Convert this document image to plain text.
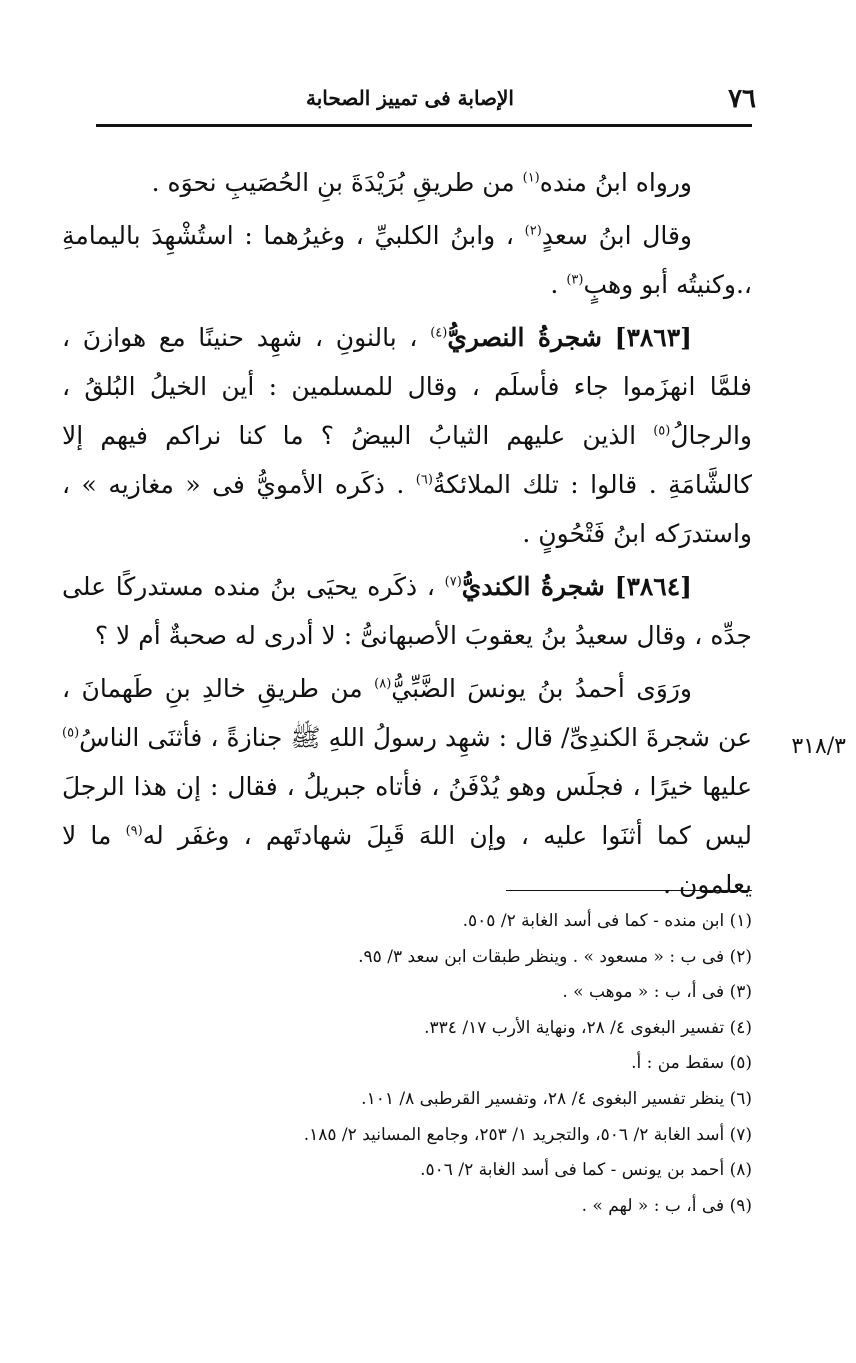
٧٦
الإصابة فى تمييز الصحابة

ورواه ابنُ منده$^{(١)}$ من طريقِ بُرَيْدَةَ بنِ الحُصَيبِ نحوَه .

وقال ابنُ سعدٍ$^{(٢)}$ ، وابنُ الكلبيِّ ، وغيرُهما : استُشْهِدَ باليمامةِ ،.وكنيتُه أبو وهبٍ$^{(٣)}$ .

[٣٨٦٣] شجرةُ النصريُّ$^{(٤)}$ ، بالنونِ ، شهِد حنينًا مع هوازنَ ، فلمَّا انهزَموا جاء فأسلَم ، وقال للمسلمين : أين الخيلُ البُلقُ ، والرجالُ$^{(٥)}$ الذين عليهم الثيابُ البيضُ ؟ ما كنا نراكم فيهم إلا كالشَّامَةِ . قالوا : تلك الملائكةُ$^{(٦)}$ . ذكَره الأمويُّ فى « مغازيه » ، واستدرَكه ابنُ فَتْحُونٍ .

[٣٨٦٤] شجرةُ الكنديُّ$^{(٧)}$ ، ذكَره يحيَى بنُ منده مستدركًا على جدِّه ، وقال سعيدُ بنُ يعقوبَ الأصبهانىُّ : لا أدرى له صحبةٌ أم لا ؟

ورَوَى أحمدُ بنُ يونسَ الضَّبِّيُّ$^{(٨)}$ من طريقِ خالدِ بنِ طَهمانَ ، عن شجرةَ الكندِىِّ/ قال : شهِد رسولُ اللهِ ﷺ جنازةً ، فأثنَى الناسُ$^{(٥)}$ عليها خيرًا ، فجلَس وهو يُدْفَنُ ، فأتاه جبريلُ ، فقال : إن هذا الرجلَ ليس كما أثنَوا عليه ، وإن اللهَ قَبِلَ شهادتَهم ، وغفَر له$^{(٩)}$ ما لا يعلمون .

٣١٨/٣
(١) ابن منده - كما فى أسد الغابة ٢/ ٥٠٥.
(٢) فى ب : « مسعود » . وينظر طبقات ابن سعد ٣/ ٩٥.
(٣) فى أ، ب : « موهب » .
(٤) تفسير البغوى ٤/ ٢٨، ونهاية الأرب ١٧/ ٣٣٤.
(٥) سقط من : أ.
(٦) ينظر تفسير البغوى ٤/ ٢٨، وتفسير القرطبى ٨/ ١٠١.
(٧) أسد الغابة ٢/ ٥٠٦، والتجريد ١/ ٢٥٣، وجامع المسانيد ٢/ ١٨٥.
(٨) أحمد بن يونس - كما فى أسد الغابة ٢/ ٥٠٦.
(٩) فى أ، ب : « لهم » .
